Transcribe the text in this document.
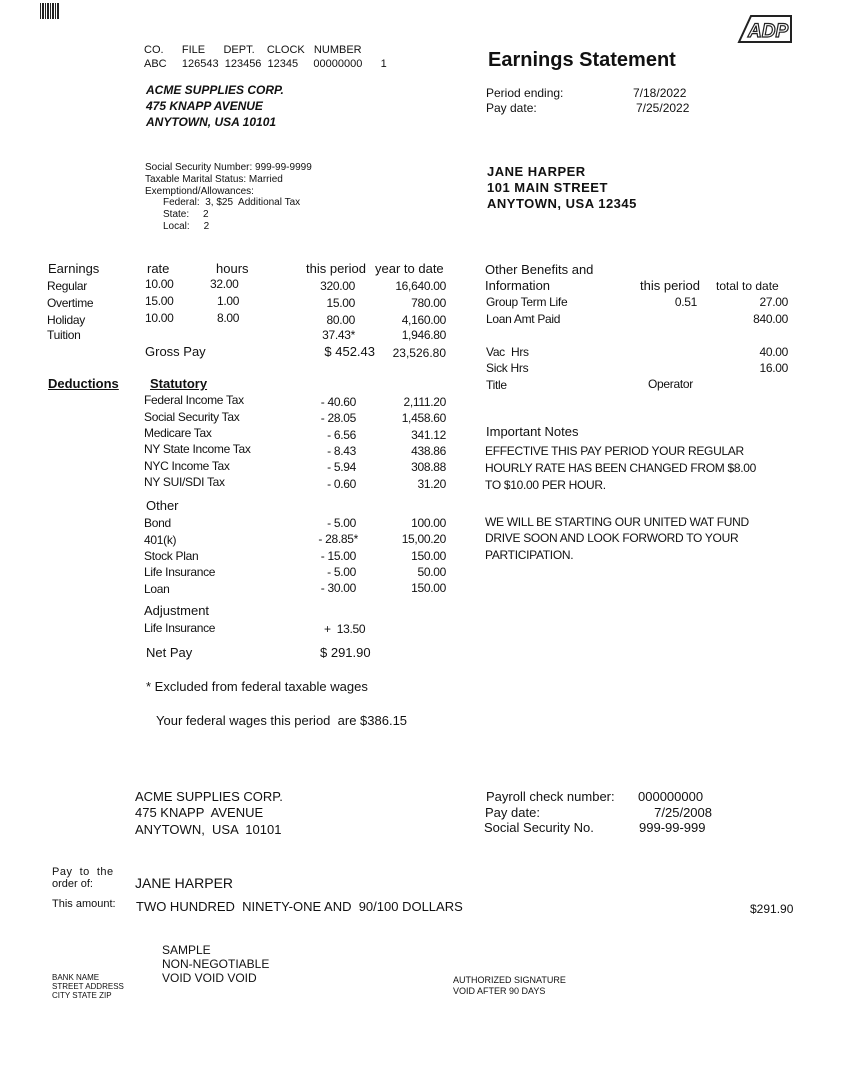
ADP
CO.      FILE      DEPT.    CLOCK   NUMBER
ABC     126543  123456  12345     00000000      1
ACME SUPPLIES CORP.
475 KNAPP AVENUE
ANYTOWN, USA 10101
Earnings Statement
Period ending:	7/18/2022
Pay date:	7/25/2022
Social Security Number: 999-99-9999
Taxable Marital Status: Married
Exemptiond/Allowances:
Federal:  3, $25  Additional Tax
State:     2
Local:     2
JANE HARPER
101 MAIN STREET
ANYTOWN, USA 12345
Earnings	rate	hours	this period year to date
Regular	10.00	32.00	320.00	16,640.00
Overtime	15.00	1.00	15.00	780.00
Holiday	10.00	8.00	80.00	4,160.00
Tuition	37.43*	1,946.80
Gross Pay	$ 452.43	23,526.80
Deductions Statutory
Federal Income Tax	- 40.60	2,111.20
Social Security Tax	- 28.05	1,458.60
Medicare Tax	- 6.56	341.12
NY State Income Tax	- 8.43	438.86
NYC Income Tax	- 5.94	308.88
NY SUI/SDI Tax	- 0.60	31.20
Other
Bond	- 5.00	100.00
401(k)	- 28.85*	15,00.20
Stock Plan	- 15.00	150.00
Life Insurance	- 5.00	50.00
Loan	- 30.00	150.00
Adjustment
Life Insurance	+  13.50
Net Pay	$ 291.90
* Excluded from federal taxable wages
Your federal wages this period  are $386.15
Other Benefits and
Information	this period total to date
Group Term Life	0.51	27.00
Loan Amt Paid	840.00
Vac  Hrs	40.00
Sick Hrs	16.00
Title	Operator
Important Notes
EFFECTIVE THIS PAY PERIOD YOUR REGULAR
HOURLY RATE HAS BEEN CHANGED FROM $8.00
TO $10.00 PER HOUR.
WE WILL BE STARTING OUR UNITED WAT FUND
DRIVE SOON AND LOOK FORWORD TO YOUR
PARTICIPATION.
ACME SUPPLIES CORP.
475 KNAPP  AVENUE
ANYTOWN,  USA  10101
Payroll check number: 000000000
Pay date:	7/25/2008
Social Security No.	999-99-999
Pay  to  the
order of:	JANE HARPER
This amount: TWO HUNDRED  NINETY-ONE AND  90/100 DOLLARS	$291.90
SAMPLE
NON-NEGOTIABLE
VOID VOID VOID
BANK NAME
STREET ADDRESS
CITY STATE ZIP
AUTHORIZED SIGNATURE
VOID AFTER 90 DAYS
